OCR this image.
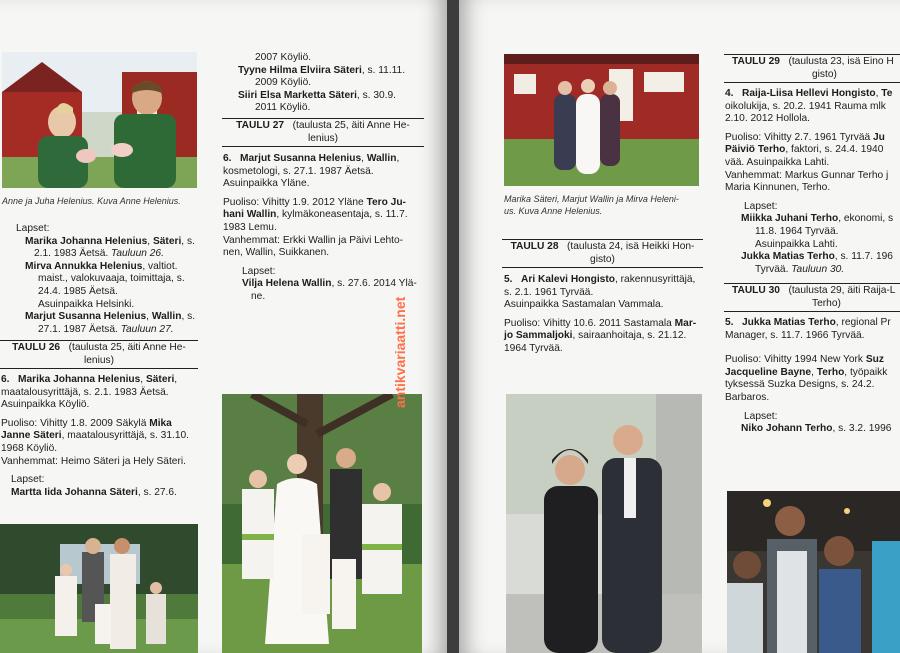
Anne ja Juha Helenius. Kuva Anne Helenius.

Lapset:

Marika Johanna Helenius, Säteri, s.

2.1. 1983 Äetsä. Tauluun 26.

Mirva Annukka Helenius, valtiot.

maist., valokuvaaja, toimittaja, s.

24.4. 1985 Äetsä.

Asuinpaikka Helsinki.

Marjut Susanna Helenius, Wallin, s.

27.1. 1987 Äetsä. Tauluun 27.

TAULU 26 (taulusta 25, äiti Anne He-
lenius)

6. Marika Johanna Helenius, Säteri,

maatalousyrittäjä, s. 2.1. 1983 Äetsä.

Asuinpaikka Köyliö.

Puoliso: Vihitty 1.8. 2009 Säkylä Mika

Janne Säteri, maatalousyrittäjä, s. 31.10.

1968 Köyliö.

Vanhemmat: Heimo Säteri ja Hely Säteri.

Lapset:

Martta Iida Johanna Säteri, s. 27.6.

2007 Köyliö.

Tyyne Hilma Elviira Säteri, s. 11.11.

2009 Köyliö.

Siiri Elsa Marketta Säteri, s. 30.9.

2011 Köyliö.

TAULU 27 (taulusta 25, äiti Anne He-
lenius)

6. Marjut Susanna Helenius, Wallin,

kosmetologi, s. 27.1. 1987 Äetsä.

Asuinpaikka Yläne.

Puoliso: Vihitty 1.9. 2012 Yläne Tero Ju-

hani Wallin, kylmäkoneasentaja, s. 11.7.

1983 Lemu.

Vanhemmat: Erkki Wallin ja Päivi Lehto-

nen, Wallin, Suikkanen.

Lapset:

Vilja Helena Wallin, s. 27.6. 2014 Ylä-

ne.

antikvariaatti.net
Marika Säteri, Marjut Wallin ja Mirva Heleni-
us. Kuva Anne Helenius.
TAULU 28 (taulusta 24, isä Heikki Hon-
gisto)

5. Ari Kalevi Hongisto, rakennusyrittäjä,

s. 2.1. 1961 Tyrvää.

Asuinpaikka Sastamalan Vammala.

Puoliso: Vihitty 10.6. 2011 Sastamala Mar-

jo Sammaljoki, sairaanhoitaja, s. 21.12.

1964 Tyrvää.

TAULU 29 (taulusta 23, isä Eino H
gisto)

4. Raija-Liisa Hellevi Hongisto, Te

oikolukija, s. 20.2. 1941 Rauma mlk

2.10. 2012 Hollola.

Puoliso: Vihitty 2.7. 1961 Tyrvää Ju

Päiviö Terho, faktori, s. 24.4. 1940

vää. Asuinpaikka Lahti.

Vanhemmat: Markus Gunnar Terho j

Maria Kinnunen, Terho.

Lapset:

Miikka Juhani Terho, ekonomi, s

11.8. 1964 Tyrvää.

Asuinpaikka Lahti.

Jukka Matias Terho, s. 11.7. 196

Tyrvää. Tauluun 30.

TAULU 30 (taulusta 29, äiti Raija-L
Terho)

5. Jukka Matias Terho, regional Pr

Manager, s. 11.7. 1966 Tyrvää.

Puoliso: Vihitty 1994 New York Suz

Jacqueline Bayne, Terho, työpaikk

tyksessä Suzka Designs, s. 24.2.

Barbaros.

Lapset:

Niko Johann Terho, s. 3.2. 1996
